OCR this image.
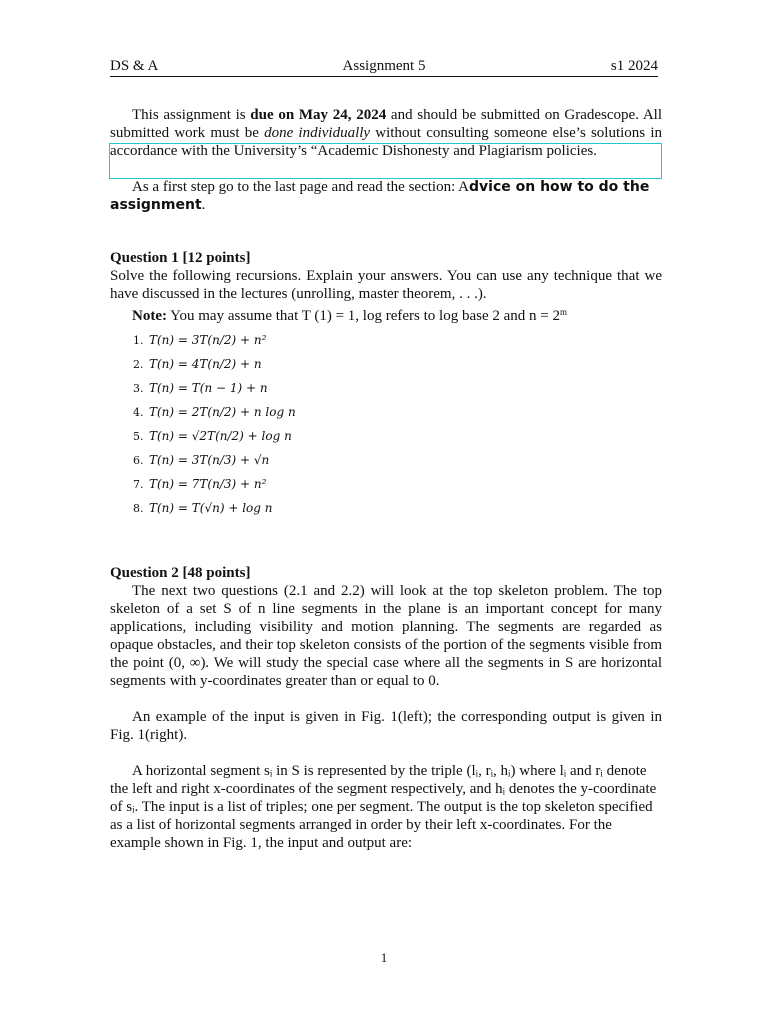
DS & A	Assignment 5	s1 2024
This assignment is due on May 24, 2024 and should be submitted on Gradescope. All submitted work must be done individually without consulting someone else’s solutions in accordance with the University’s “Academic Dishonesty and Plagiarism policies.
As a first step go to the last page and read the section: Advice on how to do the assignment.
Question 1 [12 points]
Solve the following recursions. Explain your answers. You can use any technique that we have discussed in the lectures (unrolling, master theorem, . . .).
Note: You may assume that T (1) = 1, log refers to log base 2 and $n = 2^m$
1. T(n) = 3T(n/2) + n²
2. T(n) = 4T(n/2) + n
3. T(n) = T(n − 1) + n
4. T(n) = 2T(n/2) + n log n
5. T(n) = √2T(n/2) + log n
6. T(n) = 3T(n/3) + √n
7. T(n) = 7T(n/3) + n²
8. T(n) = T(√n) + log n
Question 2 [48 points]
The next two questions (2.1 and 2.2) will look at the top skeleton problem. The top skeleton of a set S of n line segments in the plane is an important concept for many applications, including visibility and motion planning. The segments are regarded as opaque obstacles, and their top skeleton consists of the portion of the segments visible from the point (0, ∞). We will study the special case where all the segments in S are horizontal segments with y-coordinates greater than or equal to 0.
An example of the input is given in Fig. 1(left); the corresponding output is given in Fig. 1(right).
A horizontal segment sᵢ in S is represented by the triple (lᵢ, rᵢ, hᵢ) where lᵢ and rᵢ denote the left and right x-coordinates of the segment respectively, and hᵢ denotes the y-coordinate of sᵢ. The input is a list of triples; one per segment. The output is the top skeleton specified as a list of horizontal segments arranged in order by their left x-coordinates. For the example shown in Fig. 1, the input and output are:
1
